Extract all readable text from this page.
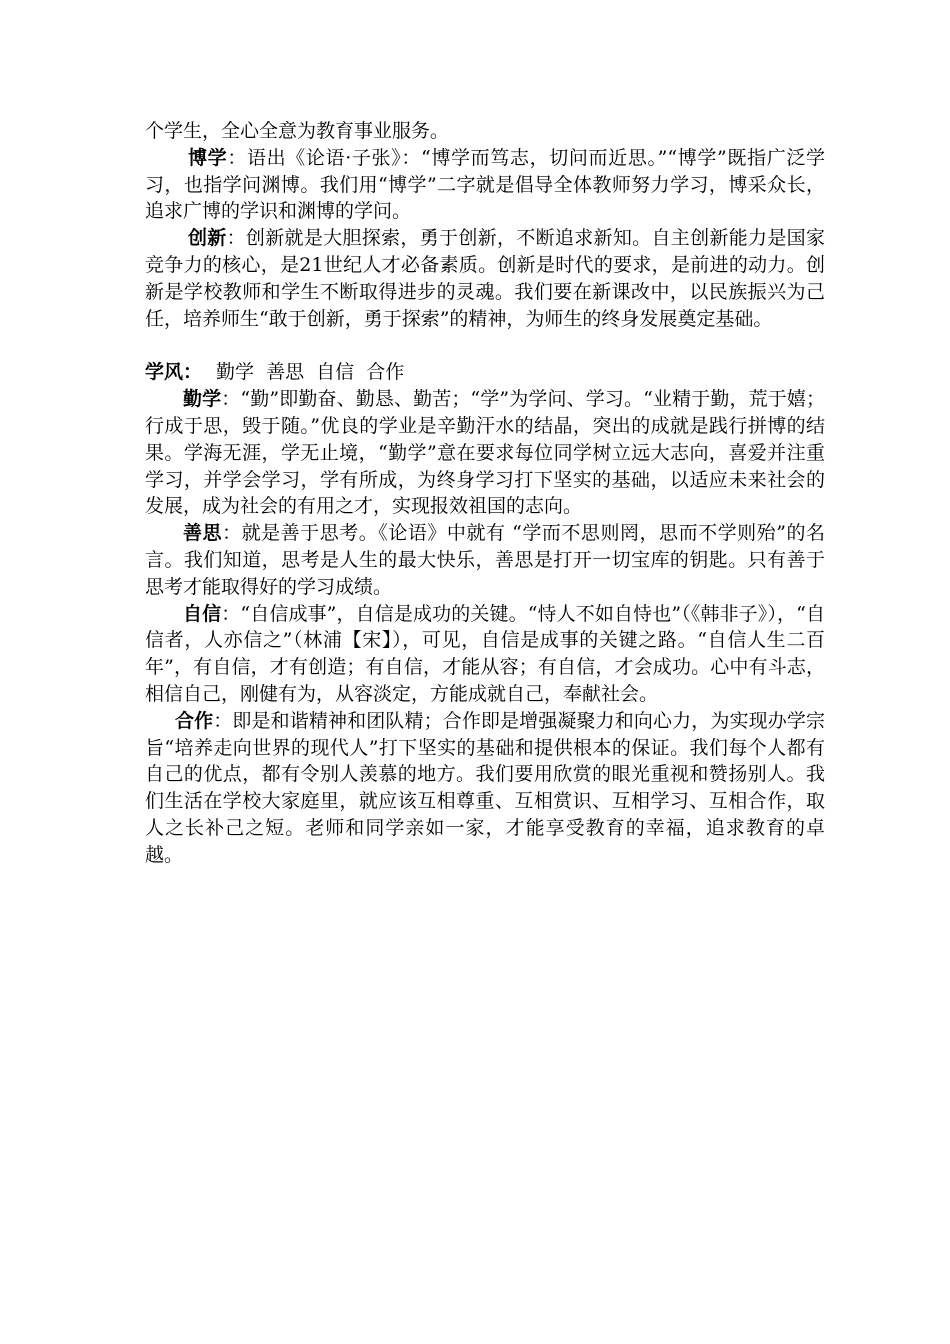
个学生，全心全意为教育事业服务。

博学：语出《论语·子张》：“博学而笃志，切问而近思。”“博学”既指广泛学习，也指学问渊博。我们用“博学”二字就是倡导全体教师努力学习，博采众长，追求广博的学识和渊博的学问。

创新：创新就是大胆探索，勇于创新，不断追求新知。自主创新能力是国家竞争力的核心，是21世纪人才必备素质。创新是时代的要求，是前进的动力。创新是学校教师和学生不断取得进步的灵魂。我们要在新课改中，以民族振兴为己任，培养师生“敢于创新，勇于探索”的精神，为师生的终身发展奠定基础。

学风： 勤学  善思  自信  合作

勤学：“勤”即勤奋、勤恳、勤苦；“学”为学问、学习。“业精于勤，荒于嬉；行成于思，毁于随。”优良的学业是辛勤汗水的结晶，突出的成就是践行拼博的结果。学海无涯，学无止境，“勤学”意在要求每位同学树立远大志向，喜爱并注重学习，并学会学习，学有所成，为终身学习打下坚实的基础，以适应未来社会的发展，成为社会的有用之才，实现报效祖国的志向。

善思：就是善于思考。《论语》中就有 “学而不思则罔，思而不学则殆”的名言。我们知道，思考是人生的最大快乐，善思是打开一切宝库的钥匙。只有善于思考才能取得好的学习成绩。

自信：“自信成事”，自信是成功的关键。“恃人不如自恃也”（《韩非子》），“自信者，人亦信之”（林浦【宋】），可见，自信是成事的关键之路。“自信人生二百年”，有自信，才有创造；有自信，才能从容；有自信，才会成功。心中有斗志，相信自己，刚健有为，从容淡定，方能成就自己，奉献社会。

合作：即是和谐精神和团队精；合作即是增强凝聚力和向心力，为实现办学宗旨“培养走向世界的现代人”打下坚实的基础和提供根本的保证。我们每个人都有自己的优点，都有令别人羡慕的地方。我们要用欣赏的眼光重视和赞扬别人。我们生活在学校大家庭里，就应该互相尊重、互相赏识、互相学习、互相合作，取人之长补己之短。老师和同学亲如一家，才能享受教育的幸福，追求教育的卓越。
